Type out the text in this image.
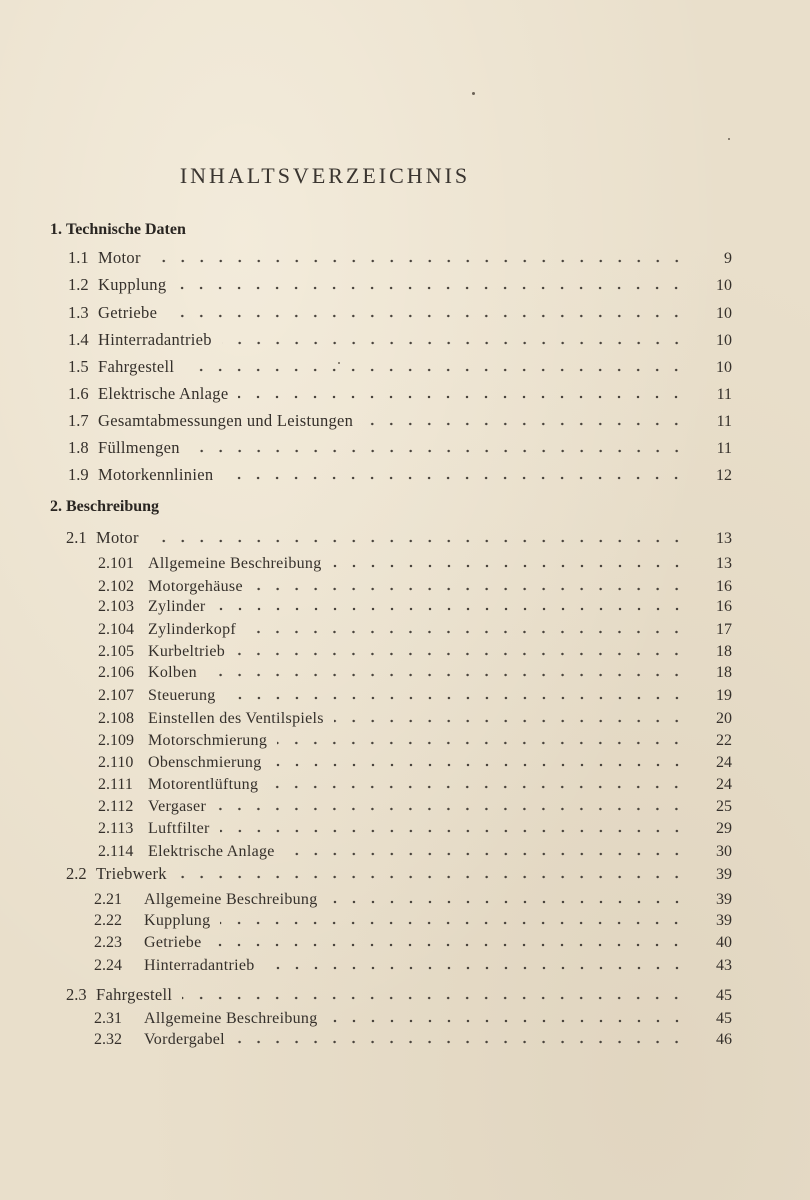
INHALTSVERZEICHNIS
1. Technische Daten
1.1 Motor	9
1.2 Kupplung	10
1.3 Getriebe	10
1.4 Hinterradantrieb	10
1.5 Fahrgestell	10
1.6 Elektrische Anlage	11
1.7 Gesamtabmessungen und Leistungen	11
1.8 Füllmengen	11
1.9 Motorkennlinien	12
2. Beschreibung
2.1 Motor	13
2.101 Allgemeine Beschreibung	13
2.102 Motorgehäuse	16
2.103 Zylinder	16
2.104 Zylinderkopf	17
2.105 Kurbeltrieb	18
2.106 Kolben	18
2.107 Steuerung	19
2.108 Einstellen des Ventilspiels	20
2.109 Motorschmierung	22
2.110 Obenschmierung	24
2.111 Motorentlüftung	24
2.112 Vergaser	25
2.113 Luftfilter	29
2.114 Elektrische Anlage	30
2.2 Triebwerk	39
2.21	Allgemeine Beschreibung	39
2.22	Kupplung	39
2.23	Getriebe	40
2.24	Hinterradantrieb	43
2.3 Fahrgestell	45
2.31	Allgemeine Beschreibung	45
2.32	Vordergabel	46
